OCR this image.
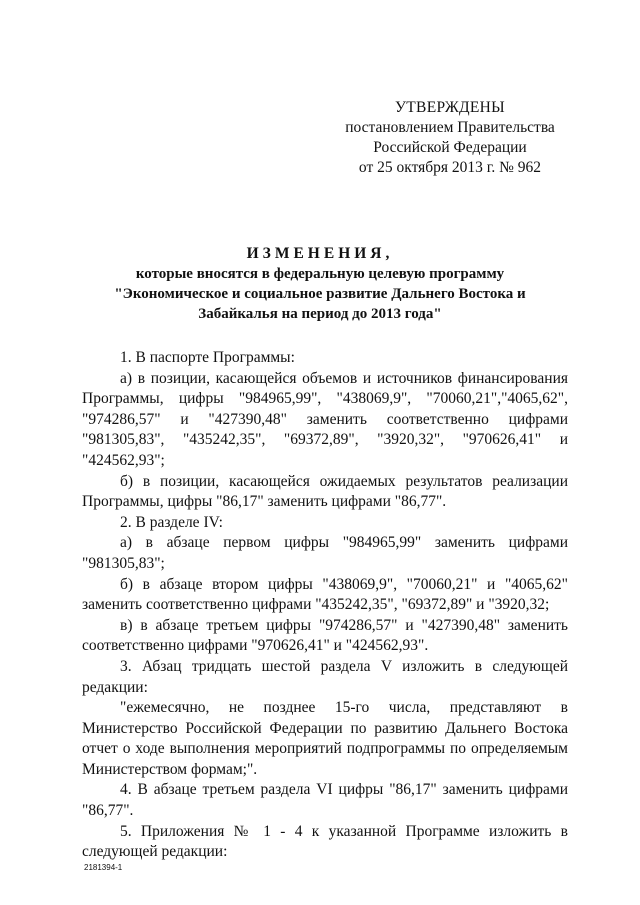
УТВЕРЖДЕНЫ
постановлением Правительства
Российской Федерации
от 25 октября 2013 г. № 962
ИЗМЕНЕНИЯ,
которые вносятся в федеральную целевую программу
"Экономическое и социальное развитие Дальнего Востока и
Забайкалья на период до 2013 года"

1. В паспорте Программы:

а) в позиции, касающейся объемов и источников финансирования Программы, цифры "984965,99", "438069,9", "70060,21","4065,62", "974286,57" и "427390,48" заменить соответственно цифрами "981305,83", "435242,35", "69372,89", "3920,32", "970626,41" и "424562,93";

б) в позиции, касающейся ожидаемых результатов реализации Программы, цифры "86,17" заменить цифрами "86,77".

2. В разделе IV:

а) в абзаце первом цифры "984965,99" заменить цифрами "981305,83";

б) в абзаце втором цифры "438069,9", "70060,21" и "4065,62" заменить соответственно цифрами "435242,35", "69372,89" и "3920,32;

в) в абзаце третьем цифры "974286,57" и "427390,48" заменить соответственно цифрами "970626,41" и "424562,93".

3. Абзац тридцать шестой раздела V изложить в следующей редакции:

"ежемесячно, не позднее 15-го числа, представляют в Министерство Российской Федерации по развитию Дальнего Востока отчет о ходе выполнения мероприятий подпрограммы по определяемым Министерством формам;".

4. В абзаце третьем раздела VI цифры "86,17" заменить цифрами "86,77".

5. Приложения № 1 - 4 к указанной Программе изложить в следующей редакции:

2181394-1
